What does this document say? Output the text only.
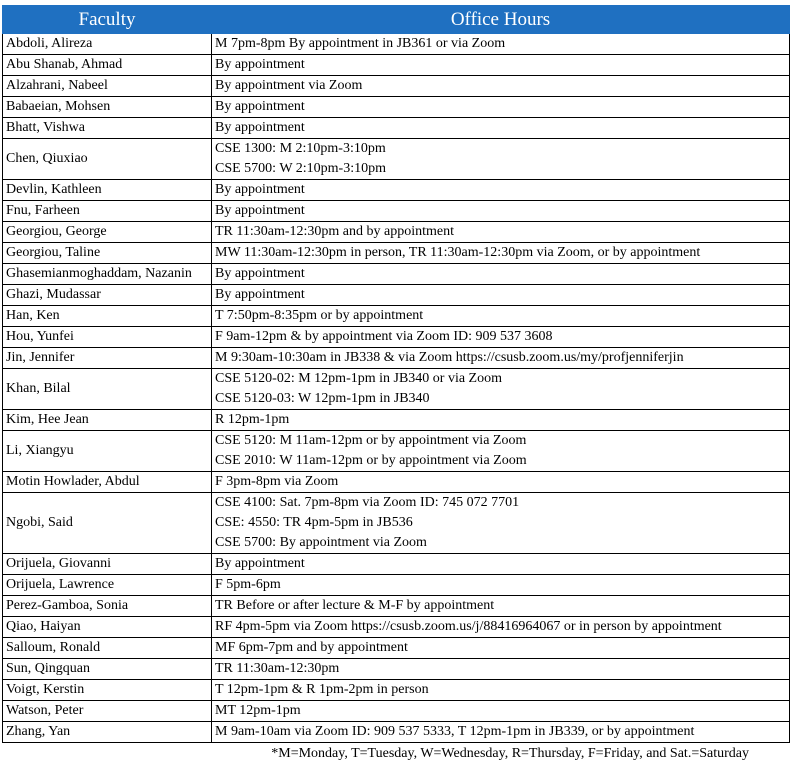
Faculty	Office Hours
Abdoli, Alireza	M 7pm-8pm By appointment in JB361 or via Zoom

Abu Shanab, Ahmad	By appointment

Alzahrani, Nabeel	By appointment via Zoom

Babaeian, Mohsen	By appointment

Bhatt, Vishwa	By appointment

Chen, Qiuxiao	CSE 1300: M 2:10pm-3:10pm
CSE 5700: W 2:10pm-3:10pm

Devlin, Kathleen	By appointment

Fnu, Farheen	By appointment

Georgiou, George	TR 11:30am-12:30pm and by appointment

Georgiou, Taline	MW 11:30am-12:30pm in person, TR 11:30am-12:30pm via Zoom, or by appointment

Ghasemianmoghaddam, Nazanin	By appointment

Ghazi, Mudassar	By appointment

Han, Ken	T 7:50pm-8:35pm or by appointment

Hou, Yunfei	F 9am-12pm & by appointment via Zoom ID: 909 537 3608

Jin, Jennifer	M 9:30am-10:30am in JB338 & via Zoom https://csusb.zoom.us/my/profjenniferjin

Khan, Bilal	CSE 5120-02: M 12pm-1pm in JB340 or via Zoom
CSE 5120-03: W 12pm-1pm in JB340

Kim, Hee Jean	R 12pm-1pm

Li, Xiangyu	CSE 5120: M 11am-12pm or by appointment via Zoom
CSE 2010: W 11am-12pm or by appointment via Zoom

Motin Howlader, Abdul	F 3pm-8pm via Zoom

Ngobi, Said	CSE 4100: Sat. 7pm-8pm via Zoom ID: 745 072 7701
CSE: 4550: TR 4pm-5pm in JB536
CSE 5700: By appointment via Zoom

Orijuela, Giovanni	By appointment

Orijuela, Lawrence	F 5pm-6pm

Perez-Gamboa, Sonia	TR Before or after lecture & M-F by appointment

Qiao, Haiyan	RF 4pm-5pm via Zoom https://csusb.zoom.us/j/88416964067 or in person by appointment

Salloum, Ronald	MF 6pm-7pm and by appointment

Sun, Qingquan	TR 11:30am-12:30pm

Voigt, Kerstin	T 12pm-1pm & R 1pm-2pm in person

Watson, Peter	MT 12pm-1pm

Zhang, Yan	M 9am-10am via Zoom ID: 909 537 5333, T 12pm-1pm in JB339, or by appointment
*M=Monday, T=Tuesday, W=Wednesday, R=Thursday, F=Friday, and Sat.=Saturday
